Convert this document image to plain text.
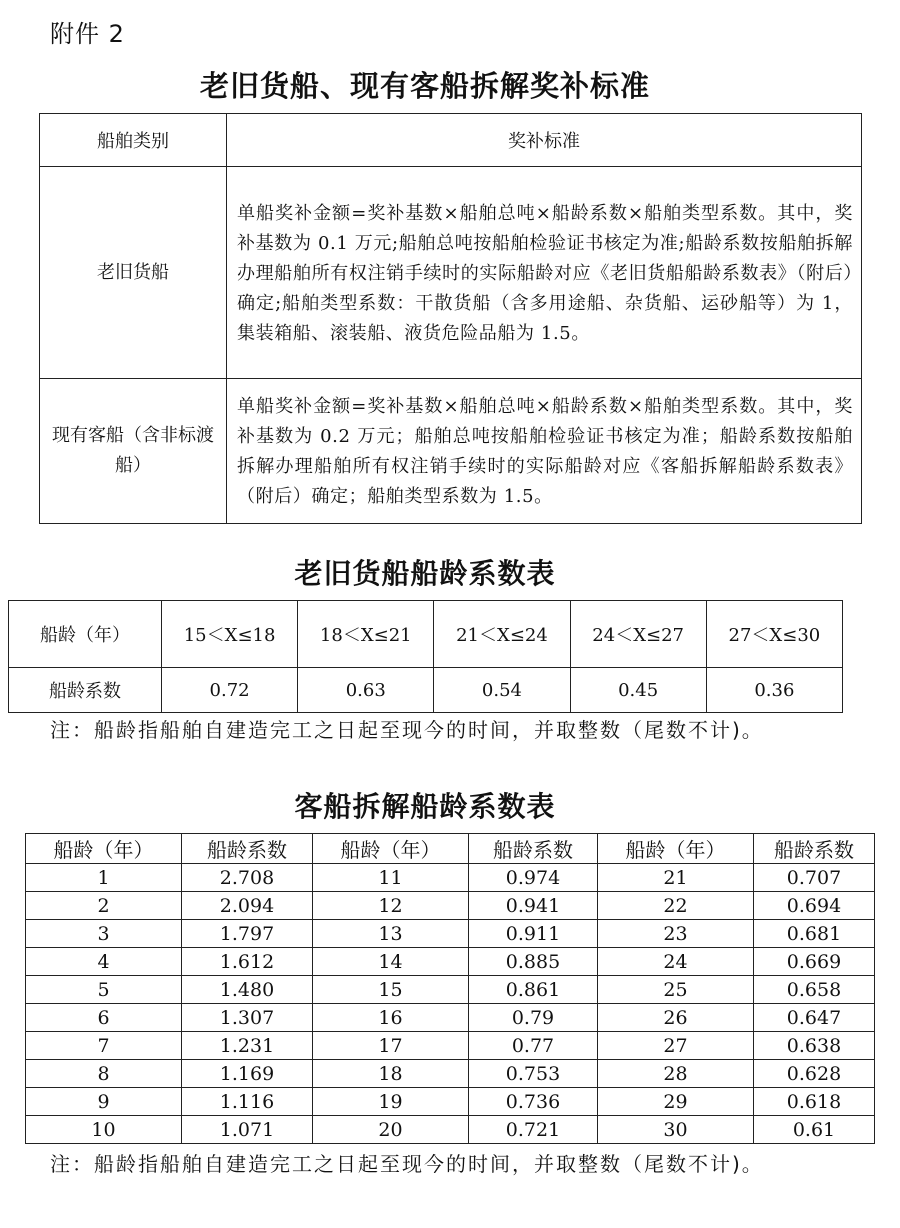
附件 2
老旧货船、现有客船拆解奖补标准
船舶类别	奖补标准
老旧货船	单船奖补金额=奖补基数×船舶总吨×船龄系数×船舶类型系数。其中，奖补基数为 0.1 万元;船舶总吨按船舶检验证书核定为准;船龄系数按船舶拆解办理船舶所有权注销手续时的实际船龄对应《老旧货船船龄系数表》（附后）确定;船舶类型系数：干散货船（含多用途船、杂货船、运砂船等）为 1，集装箱船、滚装船、液货危险品船为 1.5。
现有客船（含非标渡船）	单船奖补金额=奖补基数×船舶总吨×船龄系数×船舶类型系数。其中，奖补基数为 0.2 万元；船舶总吨按船舶检验证书核定为准；船龄系数按船舶拆解办理船舶所有权注销手续时的实际船龄对应《客船拆解船龄系数表》（附后）确定；船舶类型系数为 1.5。
老旧货船船龄系数表
船龄（年）	15＜X≤18	18＜X≤21	21＜X≤24	24＜X≤27	27＜X≤30
船龄系数	0.72	0.63	0.54	0.45	0.36
注：船龄指船舶自建造完工之日起至现今的时间，并取整数（尾数不计)。
客船拆解船龄系数表
船龄（年）	船龄系数	船龄（年）	船龄系数	船龄（年）	船龄系数
1	2.708	11	0.974	21	0.707
2	2.094	12	0.941	22	0.694
3	1.797	13	0.911	23	0.681
4	1.612	14	0.885	24	0.669
5	1.480	15	0.861	25	0.658
6	1.307	16	0.79	26	0.647
7	1.231	17	0.77	27	0.638
8	1.169	18	0.753	28	0.628
9	1.116	19	0.736	29	0.618
10	1.071	20	0.721	30	0.61
注：船龄指船舶自建造完工之日起至现今的时间，并取整数（尾数不计)。
